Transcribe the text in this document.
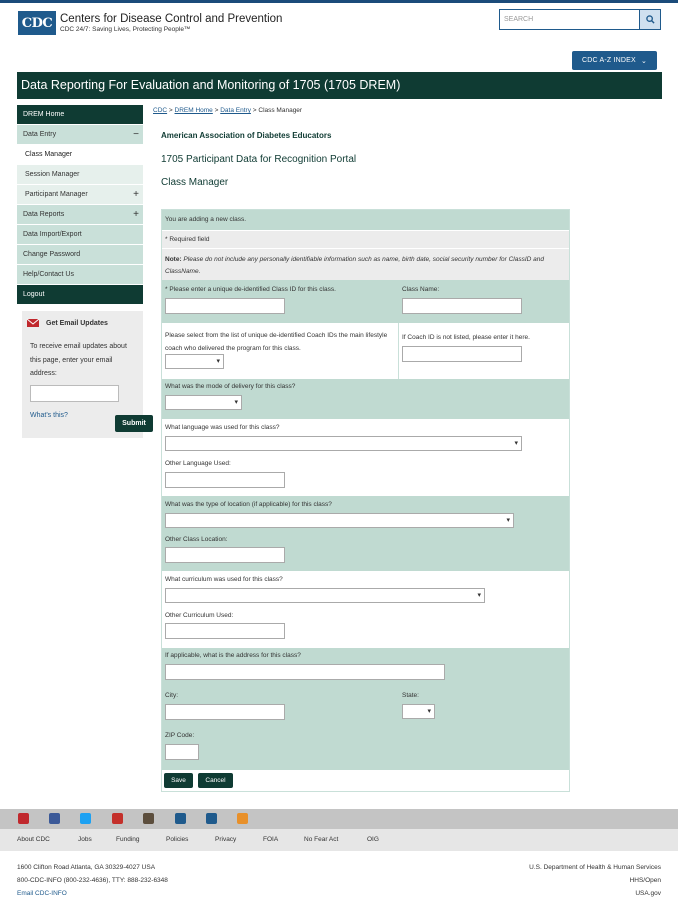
CDC Centers for Disease Control and Prevention
CDC 24/7: Saving Lives, Protecting People™
SEARCH
CDC A-Z INDEX ⌄
Data Reporting For Evaluation and Monitoring of 1705 (1705 DREM)
DREM Home
Data Entry	−
Class Manager
Session Manager
Participant Manager	+
Data Reports	+
Data Import/Export
Change Password
Help/Contact Us
Logout
Get Email Updates
To receive email updates about this page, enter your email address:
What's this?
Submit
CDC > DREM Home > Data Entry > Class Manager
American Association of Diabetes Educators
1705 Participant Data for Recognition Portal
Class Manager
You are adding a new class.
* Required field
Note: Please do not include any personally identifiable information such as name, birth date, social security number for ClassID and ClassName.
* Please enter a unique de-identified Class ID for this class.	Class Name:
Please select from the list of unique de-identified Coach IDs the main lifestyle coach who delivered the program for this class.
▾
If Coach ID is not listed, please enter it here.
What was the mode of delivery for this class?
▾
What language was used for this class?
▾
Other Language Used:
What was the type of location (if applicable) for this class?
▾
Other Class Location:
What curriculum was used for this class?
▾
Other Curriculum Used:
If applicable, what is the address for this class?
City:	State:
▾
ZIP Code:
Save	Cancel
About CDC	Jobs	Funding	Policies	Privacy	FOIA	No Fear Act	OIG
1600 Clifton Road Atlanta, GA 30329-4027 USA
800-CDC-INFO (800-232-4636), TTY: 888-232-6348
Email CDC-INFO
U.S. Department of Health & Human Services
HHS/Open
USA.gov
